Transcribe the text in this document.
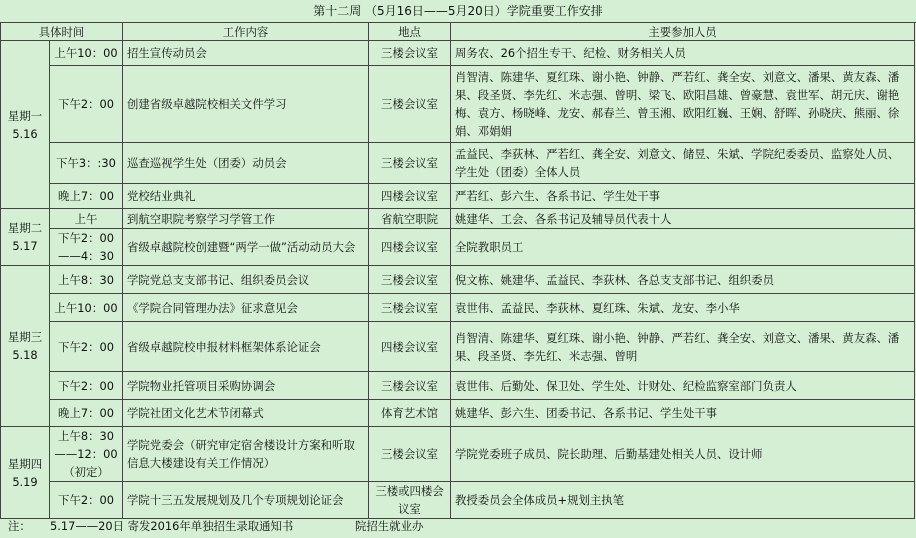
第十二周 （5月16日——5月20日）学院重要工作安排
具体时间		工作内容	地点	主要参加人员
星期一
5.16	上午10：00	招生宣传动员会	三楼会议室	周务农、26个招生专干、纪检、财务相关人员
	下午2：00	创建省级卓越院校相关文件学习	三楼会议室	肖智清、陈建华、夏红珠、谢小艳、钟静、严若红、龚全安、刘意文、潘果、黄友森、潘果、段圣贤、李先红、米志强、曾明、梁飞、欧阳昌雄、曾豪慧、袁世军、胡元庆、谢艳梅、袁方、杨晓峰、龙安、郝春兰、曾玉湘、欧阳红巍、王娴、舒晖、孙晓庆、熊丽、徐娟、邓娟娟
	下午3：:30	巡查巡视学生处（团委）动员会	三楼会议室	孟益民、李荻林、严若红、龚全安、刘意文、储昱、朱斌、学院纪委委员、监察处人员、学生处（团委）全体人员
	晚上7：00	党校结业典礼	四楼会议室	严若红、彭六生、各系书记、学生处干事
星期二
5.17	上午	到航空职院考察学习学管工作	省航空职院	姚建华、工会、各系书记及辅导员代表十人
	下午2：00——4：30	省级卓越院校创建暨“两学一做”活动动员大会	四楼会议室	全院教职员工
星期三
5.18	上午8：30	学院党总支支部书记、组织委员会议	三楼会议室	倪文栋、姚建华、孟益民、李荻林、各总支支部书记、组织委员
	上午10：00	《学院合同管理办法》征求意见会	三楼会议室	袁世伟、孟益民、李荻林、夏红珠、朱斌、龙安、李小华
	下午2：00	省级卓越院校申报材料框架体系论证会	四楼会议室	肖智清、陈建华、夏红珠、谢小艳、钟静、严若红、龚全安、刘意文、潘果、黄友森、潘果、段圣贤、李先红、米志强、曾明
	下午2：00	学院物业托管项目采购协调会	三楼会议室	袁世伟、后勤处、保卫处、学生处、计财处、纪检监察室部门负责人
	晚上7：00	学院社团文化艺术节闭幕式	体育艺术馆	姚建华、彭六生、团委书记、各系书记、学生处干事
星期四
5.19	上午8：30——12：00（初定）	学院党委会（研究审定宿舍楼设计方案和听取信息大楼建设有关工作情况）	三楼会议室	学院党委班子成员、院长助理、后勤基建处相关人员、设计师
	下午2：00	学院十三五发展规划及几个专项规划论证会	三楼或四楼会议室	教授委员会全体成员+规划主执笔
注： 5.17——20日 寄发2016年单独招生录取通知书	院招生就业办
